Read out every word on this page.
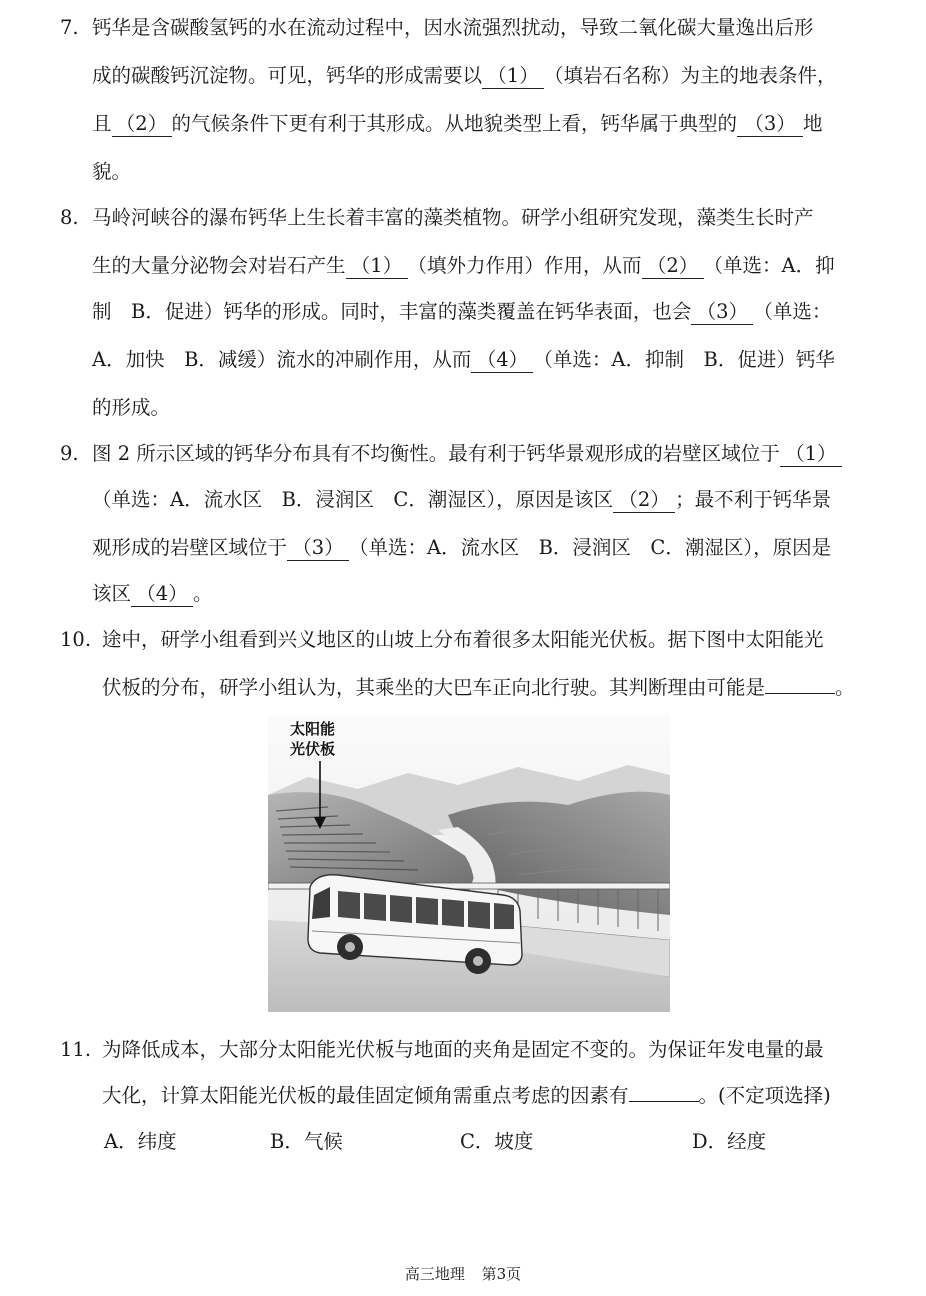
7. 钙华是含碳酸氢钙的水在流动过程中，因水流强烈扰动，导致二氧化碳大量逸出后形
成的碳酸钙沉淀物。可见，钙华的形成需要以 （1） （填岩石名称）为主的地表条件，
且 （2） 的气候条件下更有利于其形成。从地貌类型上看，钙华属于典型的 （3） 地
貌。
8. 马岭河峡谷的瀑布钙华上生长着丰富的藻类植物。研学小组研究发现，藻类生长时产
生的大量分泌物会对岩石产生 （1） （填外力作用）作用，从而 （2） （单选：A．抑
制　B．促进）钙华的形成。同时，丰富的藻类覆盖在钙华表面，也会 （3） （单选：
A．加快　B．减缓）流水的冲刷作用，从而 （4） （单选：A．抑制　B．促进）钙华
的形成。
9. 图 2 所示区域的钙华分布具有不均衡性。最有利于钙华景观形成的岩壁区域位于 （1）
（单选：A．流水区　B．浸润区　C．潮湿区），原因是该区 （2） ；最不利于钙华景
观形成的岩壁区域位于 （3） （单选：A．流水区　B．浸润区　C．潮湿区），原因是
该区 （4） 。
10. 途中，研学小组看到兴义地区的山坡上分布着很多太阳能光伏板。据下图中太阳能光
伏板的分布，研学小组认为，其乘坐的大巴车正向北行驶。其判断理由可能是	。
太阳能
光伏板
11. 为降低成本，大部分太阳能光伏板与地面的夹角是固定不变的。为保证年发电量的最
大化，计算太阳能光伏板的最佳固定倾角需重点考虑的因素有	。(不定项选择)
A．纬度	B．气候	C．坡度	D．经度
高三地理 第3页
